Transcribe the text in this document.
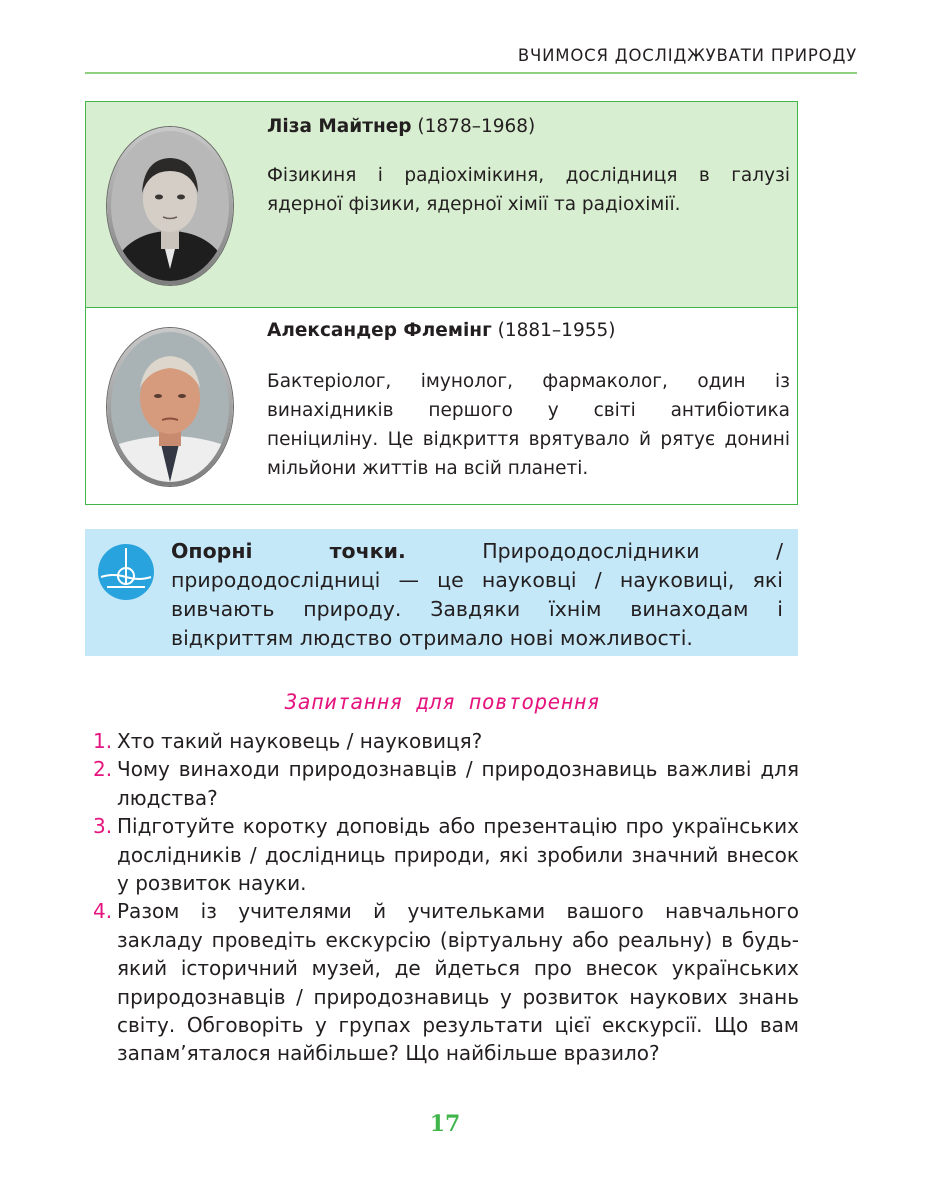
ВЧИМОСЯ ДОСЛІДЖУВАТИ ПРИРОДУ
Ліза Майтнер (1878–1968)
Фізикиня і радіохімікиня, дослідниця в галузі ядерної фізики, ядерної хімії та радіохімії.
Александер Флемінг (1881–1955)
Бактеріолог, імунолог, фармаколог, один із винахідників першого у світі антибіотика пеніциліну. Це відкриття врятувало й рятує донині мільйони життів на всій планеті.
Опорні точки.	Природодослідники / природодослідниці — це науковці / науковиці, які вивчають природу. Завдяки їхнім винаходам і відкриттям людство отримало нові можливості.
Запитання для повторення
1. Хто такий науковець / науковиця?
2. Чому винаходи природознавців / природознавиць важливі для людства?
3. Підготуйте коротку доповідь або презентацію про українських дослідників / дослідниць природи, які зробили значний внесок у розвиток науки.
4. Разом із учителями й учительками вашого навчального закладу проведіть екскурсію (віртуальну або реальну) в будь-який історичний музей, де йдеться про внесок українських природознавців / природознавиць у розвиток наукових знань світу. Обговоріть у групах результати цієї екскурсії. Що вам запам’яталося найбільше? Що найбільше вразило?
17
